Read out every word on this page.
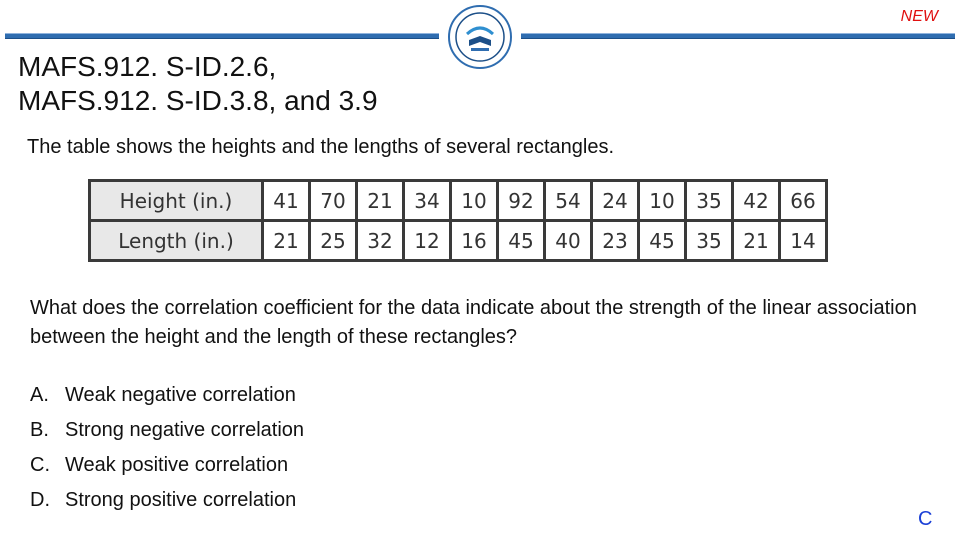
NEW
MAFS.912. S-ID.2.6,
MAFS.912. S-ID.3.8, and 3.9
The table shows the heights and the lengths of several rectangles.
Height (in.)	41	70	21	34	10	92	54	24	10	35	42	66
Length (in.)	21	25	32	12	16	45	40	23	45	35	21	14
What does the correlation coefficient for the data indicate about the strength of the linear association between the height and the length of these rectangles?
A. Weak negative correlation
B. Strong negative correlation
C. Weak positive correlation
D. Strong positive correlation
C
